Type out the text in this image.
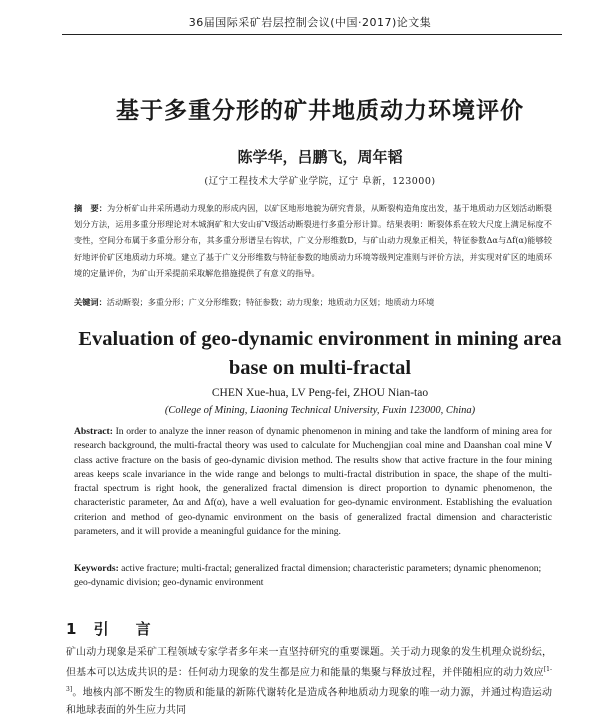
36届国际采矿岩层控制会议(中国·2017)论文集
基于多重分形的矿井地质动力环境评价
陈学华，吕鹏飞，周年韬
(辽宁工程技术大学矿业学院，辽宁 阜新，123000)
摘　要：为分析矿山井采所遇动力现象的形成内因，以矿区地形地貌为研究背景，从断裂构造角度出发，基于地质动力区划活动断裂划分方法，运用多重分形理论对木城涧矿和大安山矿Ⅴ级活动断裂进行多重分形计算。结果表明：断裂体系在较大尺度上满足标度不变性，空间分布属于多重分形分布，其多重分形谱呈右钩状，广义分形维数D，与矿山动力现象正相关，特征参数Δα与Δf(α)能够较好地评价矿区地质动力环境。建立了基于广义分形维数与特征参数的地质动力环境等级判定准则与评价方法，并实现对矿区的地质环境的定量评价，为矿山开采提前采取解危措施提供了有意义的指导。
关键词：活动断裂；多重分形；广义分形维数；特征参数；动力现象；地质动力区划；地质动力环境
Evaluation of geo-dynamic environment in mining area
base on multi-fractal
CHEN Xue-hua, LV Peng-fei, ZHOU Nian-tao
(College of Mining, Liaoning Technical University, Fuxin 123000, China)
Abstract: In order to analyze the inner reason of dynamic phenomenon in mining and take the landform of mining area for research background, the multi-fractal theory was used to calculate for Muchengjian coal mine and Daanshan coal mine Ⅴ class active fracture on the basis of geo-dynamic division method. The results show that active fracture in the four mining areas keeps scale invariance in the wide range and belongs to multi-fractal distribution in space, the shape of the multi-fractal spectrum is right hook, the generalized fractal dimension is direct proportion to dynamic phenomenon, the characteristic parameter, Δα and Δf(α), have a well evaluation for geo-dynamic environment. Establishing the evaluation criterion and method of geo-dynamic environment on the basis of generalized fractal dimension and characteristic parameters, and it will provide a meaningful guidance for the mining.
Keywords: active fracture; multi-fractal; generalized fractal dimension; characteristic parameters; dynamic phenomenon; geo-dynamic division; geo-dynamic environment
1 引　言
矿山动力现象是采矿工程领域专家学者多年来一直坚持研究的重要课题。关于动力现象的发生机理众说纷纭，但基本可以达成共识的是：任何动力现象的发生都是应力和能量的集聚与释放过程，并伴随相应的动力效应[1-3]。地核内部不断发生的物质和能量的新陈代谢转化是造成各种地质动力现象的唯一动力源，并通过构造运动和地球表面的外生应力共同
